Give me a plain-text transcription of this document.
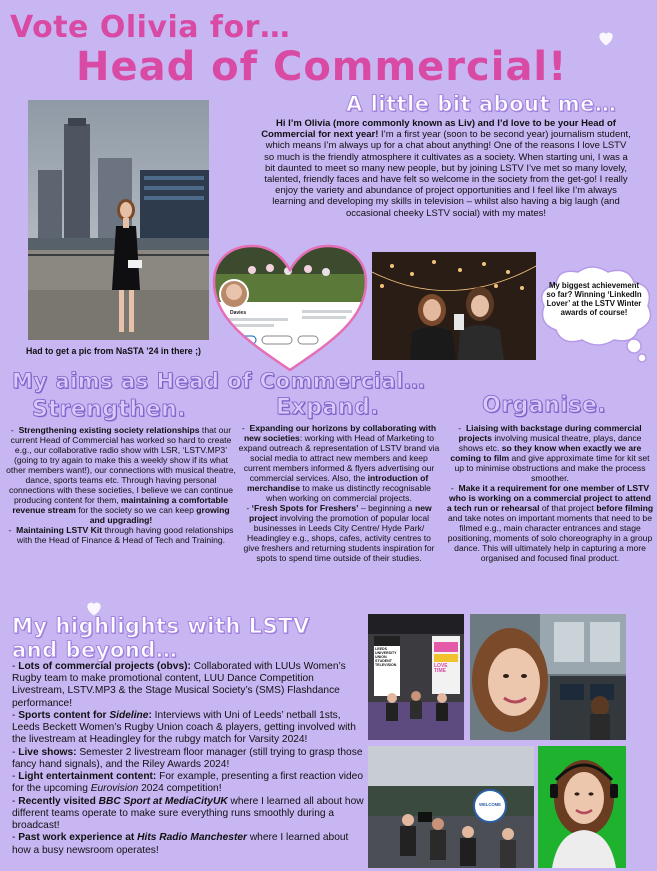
Vote Olivia for…
Head of Commercial!
A little bit about me…
Had to get a pic from NaSTA ’24 in there ;)
Hi I’m Olivia (more commonly known as Liv) and I’d love to be your Head of Commercial for next year! I’m a first year (soon to be second year) journalism student, which means I’m always up for a chat about anything! One of the reasons I love LSTV so much is the friendly atmosphere it cultivates as a society. When starting uni, I was a bit daunted to meet so many new people, but by joining LSTV I’ve met so many lovely, talented, friendly faces and have felt so welcome in the society from the get-go! I really enjoy the variety and abundance of project opportunities and I feel like I’m always learning and developing my skills in television – whilst also having a big laugh (and occasional cheeky LSTV social) with my mates!
Davies
My biggest achievement so far? Winning ‘LinkedIn Lover’ at the LSTV Winter awards of course!
My aims as Head of Commercial…
Strengthen.	Expand.	Organise.
-  Strengthening existing society relationships that our current Head of Commercial has worked so hard to create e.g., our collaborative radio show with LSR, ‘LSTV.MP3’ (going to try again to make this a weekly show if its what other members want!), our connections with musical theatre, dance, sports teams etc. Through having personal connections with these societies, I believe we can continue producing content for them, maintaining a comfortable revenue stream for the society so we can keep growing and upgrading!
-  Maintaining LSTV Kit through having good relationships with the Head of Finance & Head of Tech and Training.
-  Expanding our horizons by collaborating with new societies: working with Head of Marketing to expand outreach & representation of LSTV brand via social media to attract new members and keep current members informed & flyers advertising our commercial services. Also, the introduction of merchandise to make us distinctly recognisable when working on commercial projects.
- ‘Fresh Spots for Freshers’ – beginning a new project involving the promotion of popular local businesses in Leeds City Centre/ Hyde Park/ Headingley e.g., shops, cafes, activity centres to give freshers and returning students inspiration for spots to spend time outside of their studies.
-  Liaising with backstage during commercial projects involving musical theatre, plays, dance shows etc. so they know when exactly we are coming to film and give approximate time for kit set up to minimise obstructions and make the process smoother.
-  Make it a requirement for one member of LSTV who is working on a commercial project to attend a tech run or rehearsal of that project before filming and take notes on important moments that need to be filmed e.g., main character entrances and stage positioning, moments of solo choreography in a group dance. This will ultimately help in capturing a more organised and focused final product.
My highlights with LSTV
and beyond…
- Lots of commercial projects (obvs): Collaborated with LUUs Women’s Rugby team to make promotional content, LUU Dance Competition Livestream, LSTV.MP3 & the Stage Musical Society’s (SMS) Flashdance performance!
- Sports content for Sideline: Interviews with Uni of Leeds’ netball 1sts, Leeds Beckett Women’s Rugby Union coach & players, getting involved with the livestream at Headingley for the rubgy match for Varsity 2024!
- Live shows: Semester 2 livestream floor manager (still trying to grasp those fancy hand signals), and the Riley Awards 2024!
- Light entertainment content: For example, presenting a first reaction video for the upcoming Eurovision 2024 competition!
- Recently visited BBC Sport at MediaCityUK where I learned all about how different teams operate to make sure everything runs smoothly during a broadcast!
- Past work experience at Hits Radio Manchester where I learned about how a busy newsroom operates!
LEEDS UNIVERSITY UNION STUDENT TELEVISION	LOVE TIME
WELCOME
